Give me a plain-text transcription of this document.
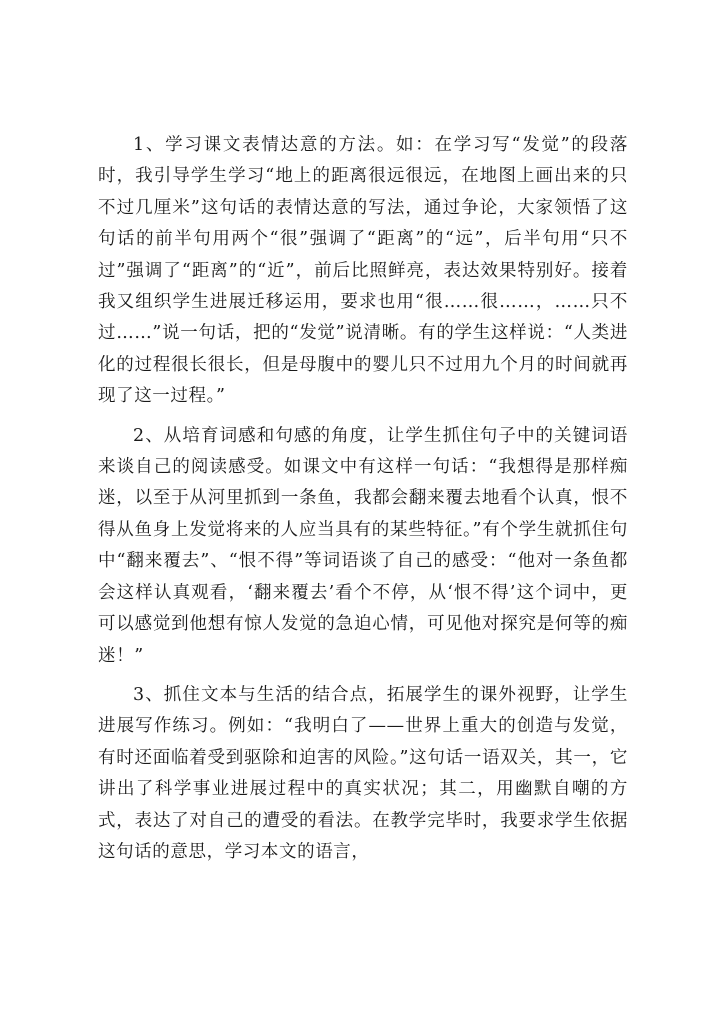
1、学习课文表情达意的方法。如：在学习写“发觉”的段落时，我引导学生学习“地上的距离很远很远，在地图上画出来的只不过几厘米”这句话的表情达意的写法，通过争论，大家领悟了这句话的前半句用两个“很”强调了“距离”的“远”，后半句用“只不过”强调了“距离”的“近”，前后比照鲜亮，表达效果特别好。接着我又组织学生进展迁移运用，要求也用“很……很……，……只不过……”说一句话，把的“发觉”说清晰。有的学生这样说：“人类进化的过程很长很长，但是母腹中的婴儿只不过用九个月的时间就再现了这一过程。”

2、从培育词感和句感的角度，让学生抓住句子中的关键词语来谈自己的阅读感受。如课文中有这样一句话：“我想得是那样痴迷，以至于从河里抓到一条鱼，我都会翻来覆去地看个认真，恨不得从鱼身上发觉将来的人应当具有的某些特征。”有个学生就抓住句中“翻来覆去”、“恨不得”等词语谈了自己的感受：“他对一条鱼都会这样认真观看，‘翻来覆去’看个不停，从‘恨不得’这个词中，更可以感觉到他想有惊人发觉的急迫心情，可见他对探究是何等的痴迷！”

3、抓住文本与生活的结合点，拓展学生的课外视野，让学生进展写作练习。例如：“我明白了——世界上重大的创造与发觉，有时还面临着受到驱除和迫害的风险。”这句话一语双关，其一，它讲出了科学事业进展过程中的真实状况；其二，用幽默自嘲的方式，表达了对自己的遭受的看法。在教学完毕时，我要求学生依据这句话的意思，学习本文的语言，
